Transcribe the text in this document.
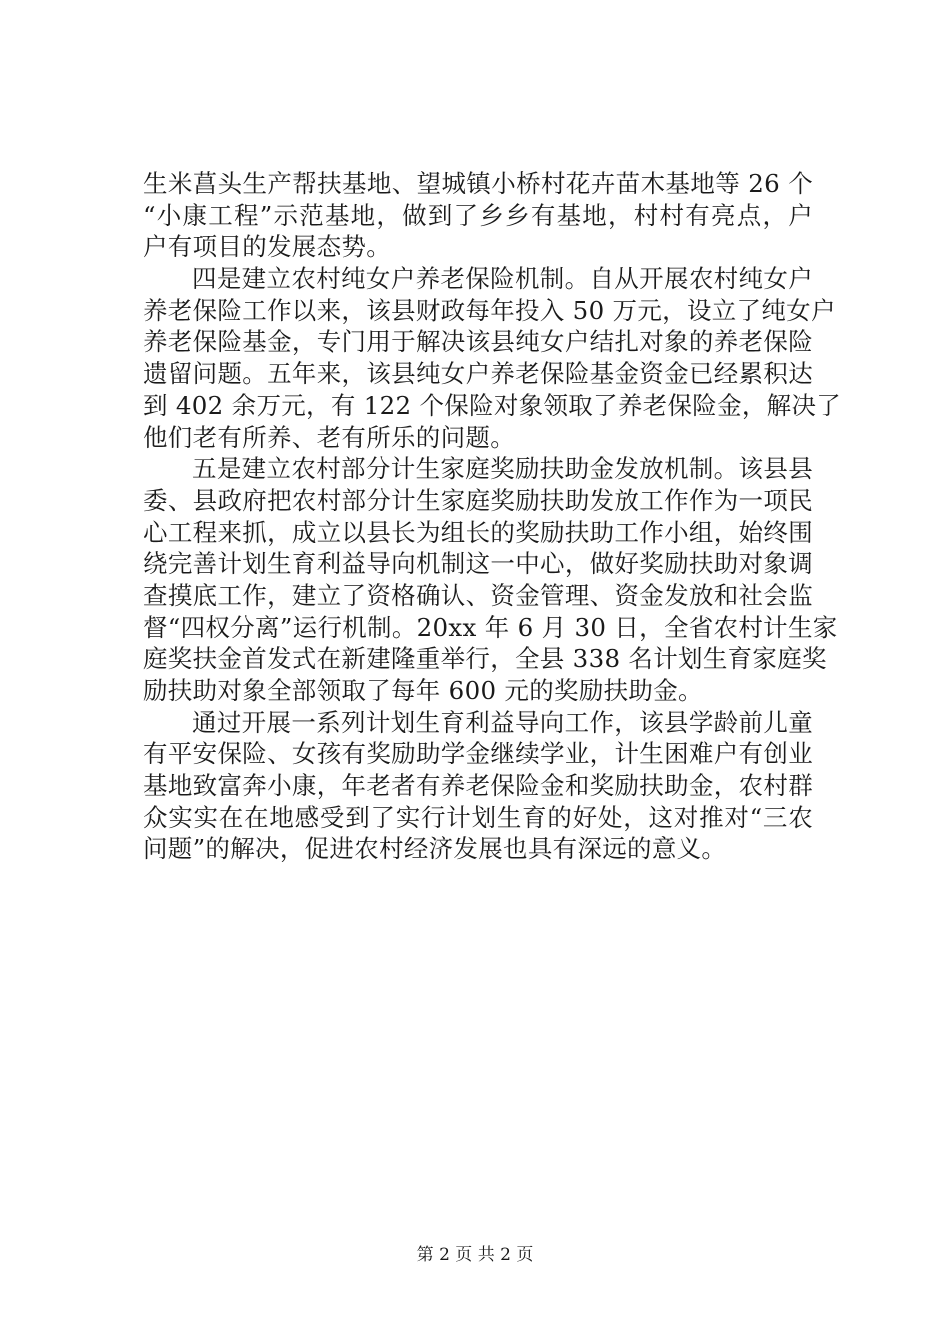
生米菖头生产帮扶基地、望城镇小桥村花卉苗木基地等 26 个
“小康工程”示范基地，做到了乡乡有基地，村村有亮点，户
户有项目的发展态势。
四是建立农村纯女户养老保险机制。自从开展农村纯女户
养老保险工作以来，该县财政每年投入 50 万元，设立了纯女户
养老保险基金，专门用于解决该县纯女户结扎对象的养老保险
遗留问题。五年来，该县纯女户养老保险基金资金已经累积达
到 402 余万元，有 122 个保险对象领取了养老保险金，解决了
他们老有所养、老有所乐的问题。
五是建立农村部分计生家庭奖励扶助金发放机制。该县县
委、县政府把农村部分计生家庭奖励扶助发放工作作为一项民
心工程来抓，成立以县长为组长的奖励扶助工作小组，始终围
绕完善计划生育利益导向机制这一中心，做好奖励扶助对象调
查摸底工作，建立了资格确认、资金管理、资金发放和社会监
督“四权分离”运行机制。20xx 年 6 月 30 日，全省农村计生家
庭奖扶金首发式在新建隆重举行，全县 338 名计划生育家庭奖
励扶助对象全部领取了每年 600 元的奖励扶助金。
通过开展一系列计划生育利益导向工作，该县学龄前儿童
有平安保险、女孩有奖励助学金继续学业，计生困难户有创业
基地致富奔小康，年老者有养老保险金和奖励扶助金，农村群
众实实在在地感受到了实行计划生育的好处，这对推对“三农
问题”的解决，促进农村经济发展也具有深远的意义。
第 2 页 共 2 页
